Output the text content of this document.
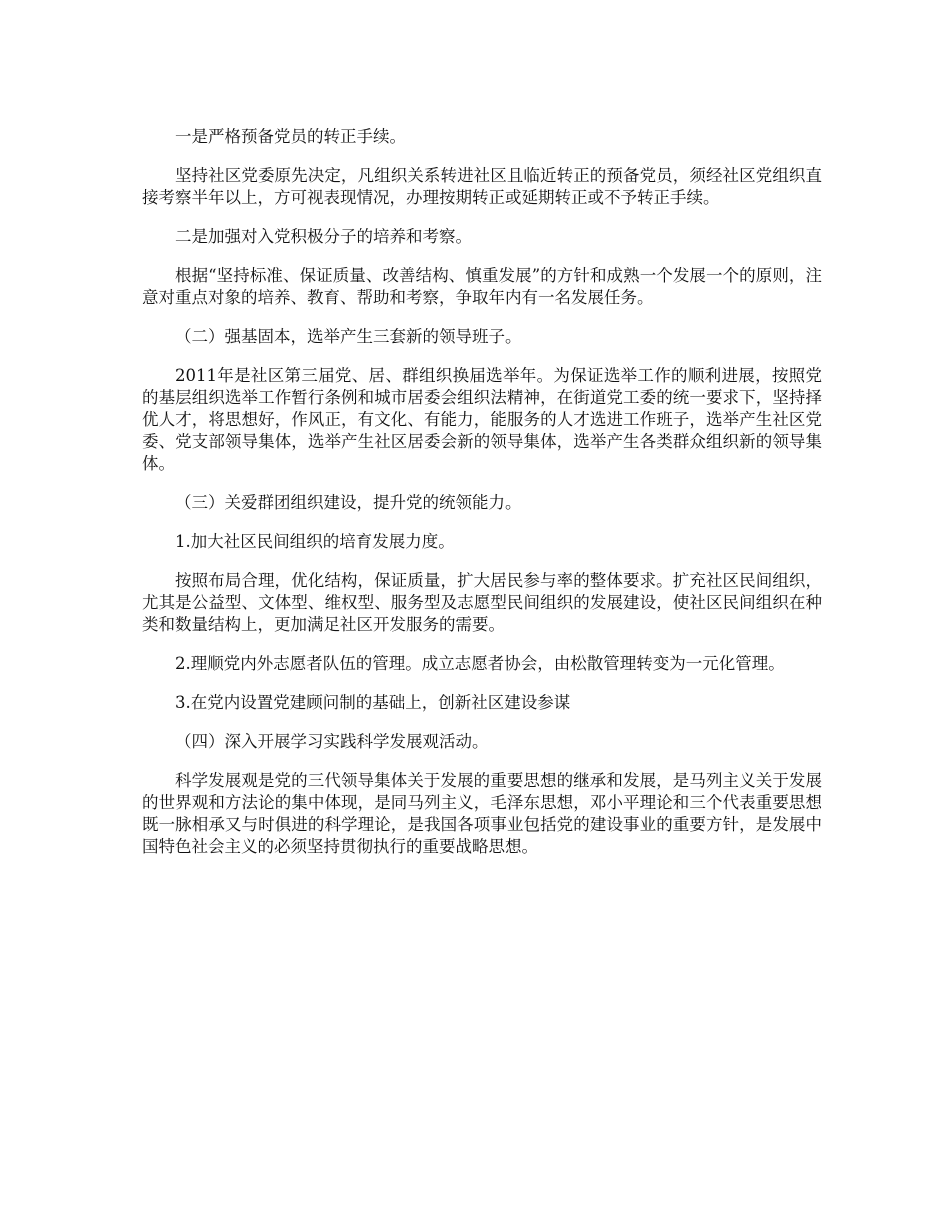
一是严格预备党员的转正手续。

坚持社区党委原先决定，凡组织关系转进社区且临近转正的预备党员，须经社区党组织直接考察半年以上，方可视表现情况，办理按期转正或延期转正或不予转正手续。

二是加强对入党积极分子的培养和考察。

根据“坚持标准、保证质量、改善结构、慎重发展”的方针和成熟一个发展一个的原则，注意对重点对象的培养、教育、帮助和考察，争取年内有一名发展任务。

（二）强基固本，选举产生三套新的领导班子。

2011年是社区第三届党、居、群组织换届选举年。为保证选举工作的顺利进展，按照党的基层组织选举工作暂行条例和城市居委会组织法精神，在街道党工委的统一要求下，坚持择优人才，将思想好，作风正，有文化、有能力，能服务的人才选进工作班子，选举产生社区党委、党支部领导集体，选举产生社区居委会新的领导集体，选举产生各类群众组织新的领导集体。

（三）关爱群团组织建设，提升党的统领能力。

1.加大社区民间组织的培育发展力度。

按照布局合理，优化结构，保证质量，扩大居民参与率的整体要求。扩充社区民间组织，尤其是公益型、文体型、维权型、服务型及志愿型民间组织的发展建设，使社区民间组织在种类和数量结构上，更加满足社区开发服务的需要。

2.理顺党内外志愿者队伍的管理。成立志愿者协会，由松散管理转变为一元化管理。

3.在党内设置党建顾问制的基础上，创新社区建设参谋

（四）深入开展学习实践科学发展观活动。

科学发展观是党的三代领导集体关于发展的重要思想的继承和发展，是马列主义关于发展的世界观和方法论的集中体现，是同马列主义，毛泽东思想，邓小平理论和三个代表重要思想既一脉相承又与时俱进的科学理论，是我国各项事业包括党的建设事业的重要方针，是发展中国特色社会主义的必须坚持贯彻执行的重要战略思想。
